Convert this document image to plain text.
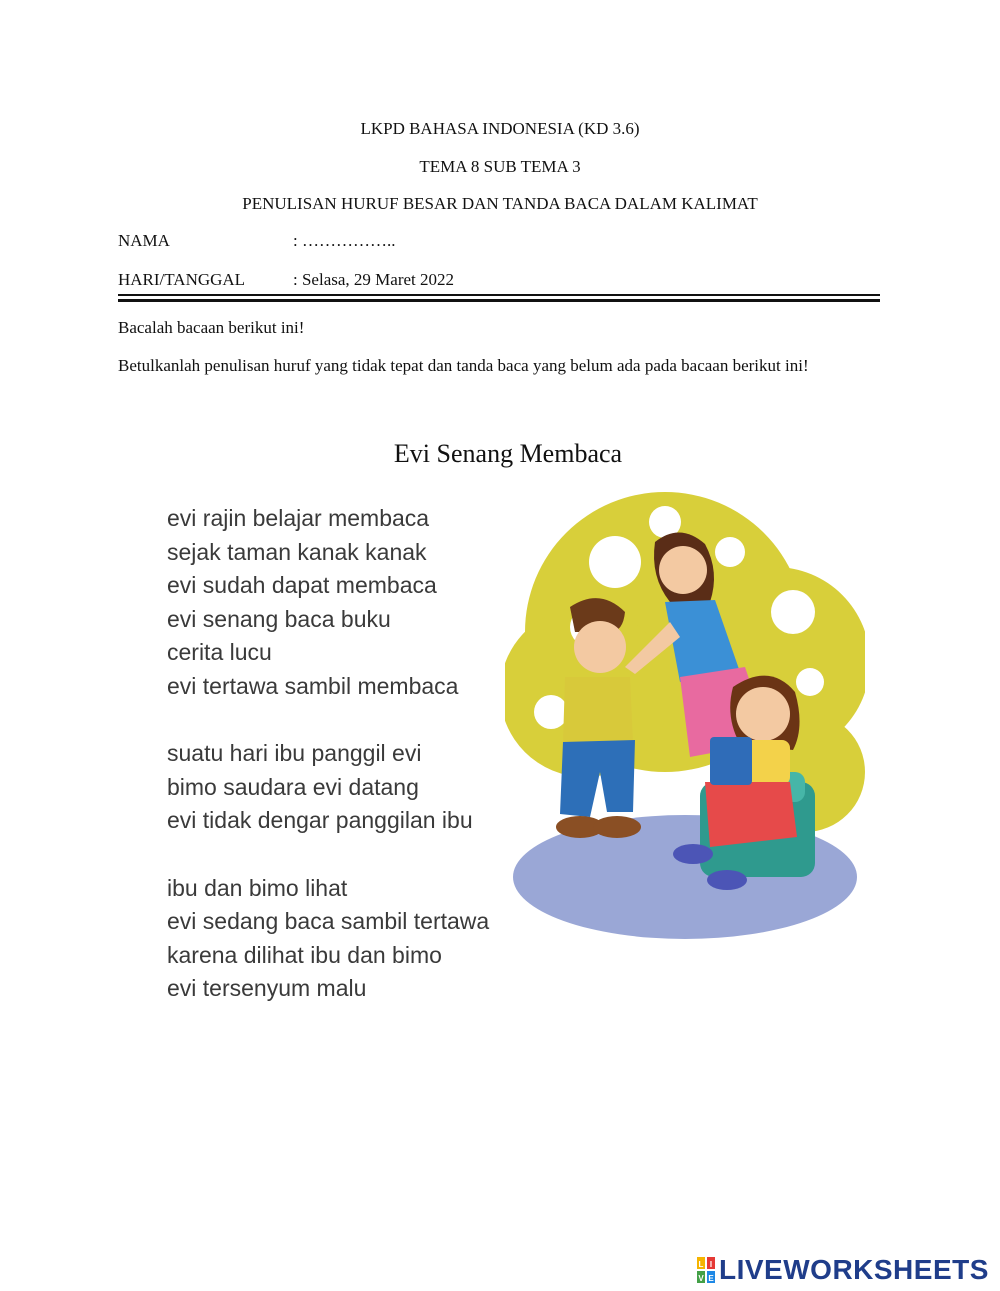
LKPD BAHASA INDONESIA (KD 3.6)
TEMA 8 SUB TEMA 3
PENULISAN HURUF BESAR DAN TANDA BACA DALAM KALIMAT
NAMA	: ……………..
HARI/TANGGAL	: Selasa, 29 Maret 2022
Bacalah bacaan berikut ini!
Betulkanlah penulisan huruf yang tidak tepat dan tanda baca yang belum ada pada bacaan berikut ini!
Evi Senang Membaca
evi rajin belajar membaca
sejak taman kanak kanak
evi sudah dapat membaca
evi senang baca buku
cerita lucu
evi tertawa sambil membaca
suatu hari ibu panggil evi
bimo saudara evi datang
evi tidak dengar panggilan ibu
ibu dan bimo lihat
evi sedang baca sambil tertawa
karena dilihat ibu dan bimo
evi tersenyum malu
L I
V E LIVEWORKSHEETS
